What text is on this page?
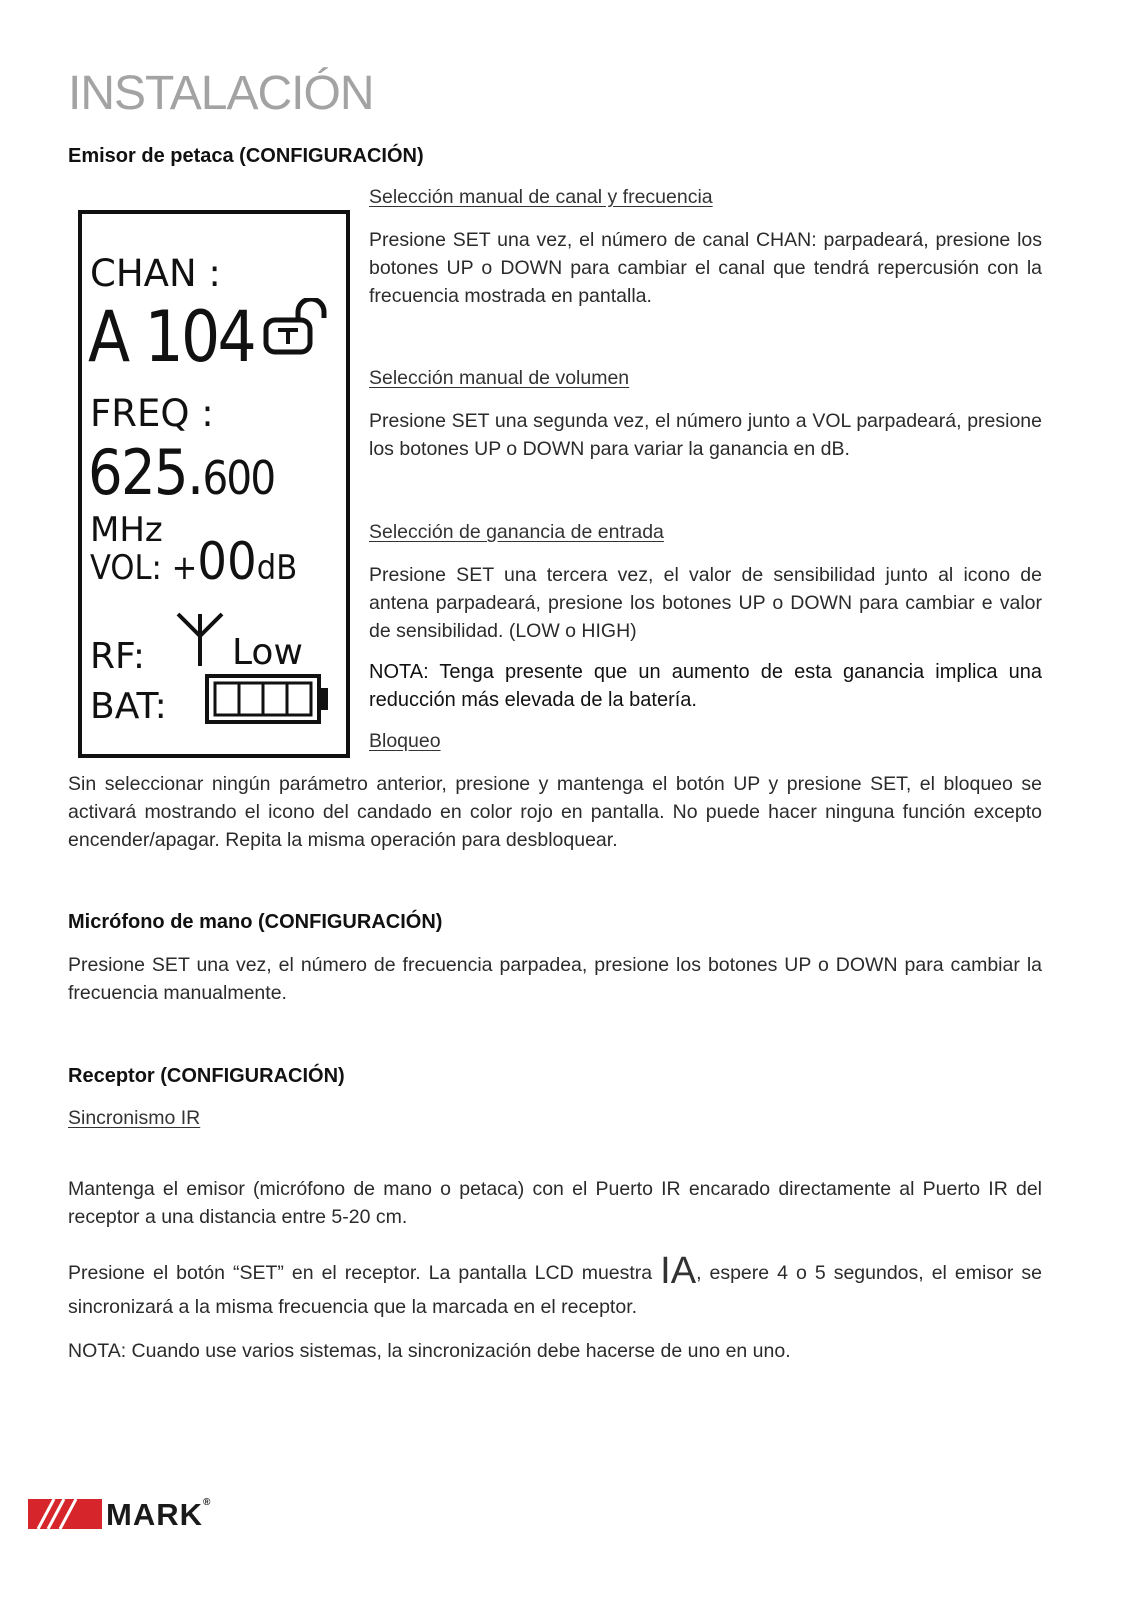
INSTALACIÓN
Emisor de petaca (CONFIGURACIÓN)
CHAN :
A 104
FREQ :
625.600
MHz
VOL: +00dB
RF: Low
BAT:

Selección manual de canal y frecuencia

Presione SET una vez, el número de canal CHAN: parpadeará, presione los botones UP o DOWN para cambiar el canal que tendrá repercusión con la frecuencia mostrada en pantalla.

Selección manual de volumen

Presione SET una segunda vez, el número junto a VOL parpadeará, presione los botones UP o DOWN para variar la ganancia en dB.

Selección de ganancia de entrada

Presione SET una tercera vez, el valor de sensibilidad junto al icono de antena parpadeará, presione los botones UP o DOWN para cambiar e valor de sensibilidad. (LOW o HIGH)

NOTA: Tenga presente que un aumento de esta ganancia implica una reducción más elevada de la batería.

Bloqueo

Sin seleccionar ningún parámetro anterior, presione y mantenga el botón UP y presione SET, el bloqueo se activará mostrando el icono del candado en color rojo en pantalla. No puede hacer ninguna función excepto encender/apagar. Repita la misma operación para desbloquear.

Micrófono de mano (CONFIGURACIÓN)

Presione SET una vez, el número de frecuencia parpadea, presione los botones UP o DOWN para cambiar la frecuencia manualmente.

Receptor (CONFIGURACIÓN)

Sincronismo IR

Mantenga el emisor (micrófono de mano o petaca) con el Puerto IR encarado directamente al Puerto IR del receptor a una distancia entre 5-20 cm.

Presione el botón “SET” en el receptor. La pantalla LCD muestra IA, espere 4 o 5 segundos, el emisor se sincronizará a la misma frecuencia que la marcada en el receptor.

NOTA: Cuando use varios sistemas, la sincronización debe hacerse de uno en uno.

MARK®
